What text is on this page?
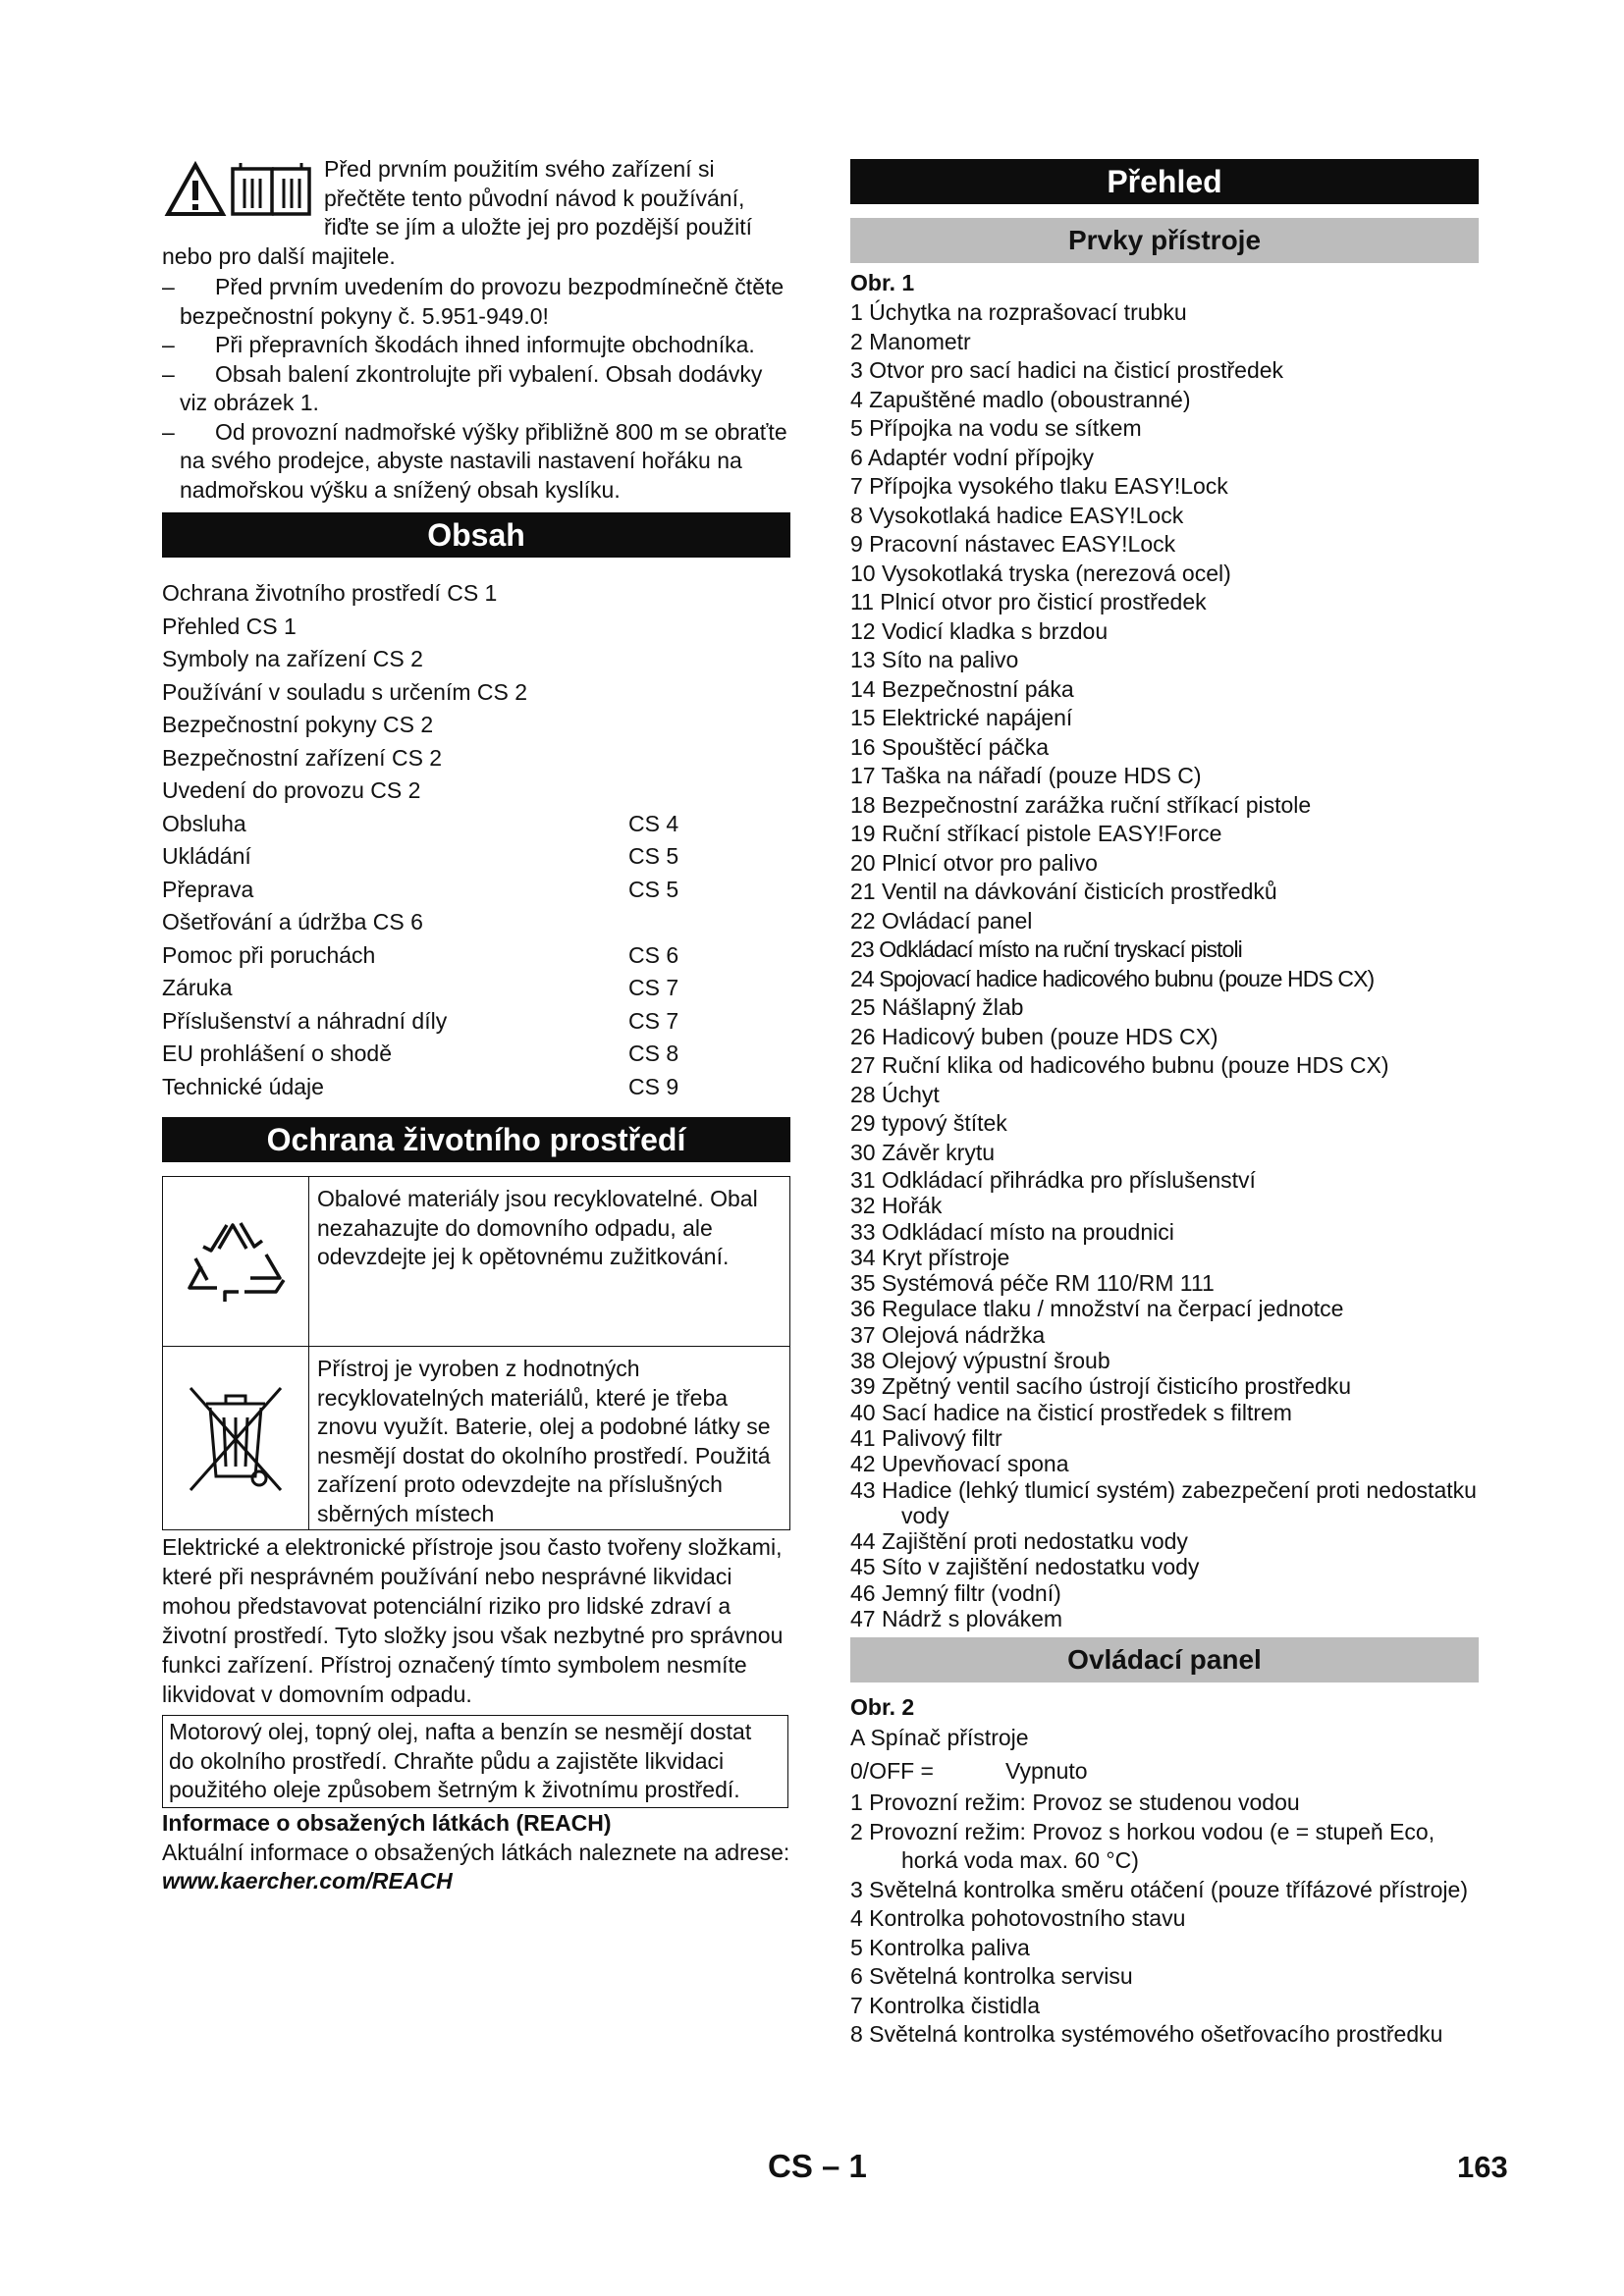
Před prvním použitím svého zařízení si přečtěte tento původní návod k používání, řiďte se jím a uložte jej pro pozdější použití nebo pro další majitele.

–	Před prvním uvedením do provozu bezpodmínečně čtěte bezpečnostní pokyny č. 5.951-949.0!
–	Při přepravních škodách ihned informujte obchodníka.
–	Obsah balení zkontrolujte při vybalení. Obsah dodávky viz obrázek 1.
–	Od provozní nadmořské výšky přibližně 800 m se obraťte na svého prodejce, abyste nastavili nastavení hořáku na nadmořskou výšku a snížený obsah kyslíku.
Obsah
Ochrana životního prostředí CS 1
Přehled CS 1
Symboly na zařízení CS 2
Používání v souladu s určením CS 2
Bezpečnostní pokyny CS 2
Bezpečnostní zařízení CS 2
Uvedení do provozu CS 2
Obsluha	CS 4
Ukládání	CS 5
Přeprava	CS 5
Ošetřování a údržba CS 6
Pomoc při poruchách	CS 6
Záruka	CS 7
Příslušenství a náhradní díly	CS 7
EU prohlášení o shodě	CS 8
Technické údaje	CS 9
Ochrana životního prostředí
Obalové materiály jsou recyklovatelné. Obal nezahazujte do domovního odpadu, ale odevzdejte jej k opětovnému zužitkování.
Přístroj je vyroben z hodnotných recyklovatelných materiálů, které je třeba znovu využít. Baterie, olej a podobné látky se nesmějí dostat do okolního prostředí. Použitá zařízení proto odevzdejte na příslušných sběrných místech

Elektrické a elektronické přístroje jsou často tvořeny složkami, které při nesprávném používání nebo nesprávné likvidaci mohou představovat potenciální riziko pro lidské zdraví a životní prostředí. Tyto složky jsou však nezbytné pro správnou funkci zařízení. Přístroj označený tímto symbolem nesmíte likvidovat v domovním odpadu.

Motorový olej, topný olej, nafta a benzín se nesmějí dostat do okolního prostředí. Chraňte půdu a zajistěte likvidaci použitého oleje způsobem šetrným k životnímu prostředí.

Informace o obsažených látkách (REACH)

Aktuální informace o obsažených látkách naleznete na adrese:

www.kaercher.com/REACH

Přehled
Prvky přístroje

Obr. 1

1 Úchytka na rozprašovací trubku
2 Manometr
3 Otvor pro sací hadici na čisticí prostředek
4 Zapuštěné madlo (oboustranné)
5 Přípojka na vodu se sítkem
6 Adaptér vodní přípojky
7 Přípojka vysokého tlaku EASY!Lock
8 Vysokotlaká hadice EASY!Lock
9 Pracovní nástavec EASY!Lock
10 Vysokotlaká tryska (nerezová ocel)
11 Plnicí otvor pro čisticí prostředek
12 Vodicí kladka s brzdou
13 Síto na palivo
14 Bezpečnostní páka
15 Elektrické napájení
16 Spouštěcí páčka
17 Taška na nářadí (pouze HDS C)
18 Bezpečnostní zarážka ruční stříkací pistole
19 Ruční stříkací pistole EASY!Force
20 Plnicí otvor pro palivo
21 Ventil na dávkování čisticích prostředků
22 Ovládací panel
23 Odkládací místo na ruční tryskací pistoli
24 Spojovací hadice hadicového bubnu (pouze HDS CX)
25 Nášlapný žlab
26 Hadicový buben (pouze HDS CX)
27 Ruční klika od hadicového bubnu (pouze HDS CX)
28 Úchyt
29 typový štítek
30 Závěr krytu
31 Odkládací přihrádka pro příslušenství
32 Hořák
33 Odkládací místo na proudnici
34 Kryt přístroje
35 Systémová péče RM 110/RM 111
36 Regulace tlaku / množství na čerpací jednotce
37 Olejová nádržka
38 Olejový výpustní šroub
39 Zpětný ventil sacího ústrojí čisticího prostředku
40 Sací hadice na čisticí prostředek s filtrem
41 Palivový filtr
42 Upevňovací spona
43 Hadice (lehký tlumicí systém) zabezpečení proti nedostatku vody
44 Zajištění proti nedostatku vody
45 Síto v zajištění nedostatku vody
46 Jemný filtr (vodní)
47 Nádrž s plovákem
Ovládací panel

Obr. 2

A Spínač přístroje

0/OFF =	Vypnuto

1 Provozní režim: Provoz se studenou vodou
2 Provozní režim: Provoz s horkou vodou (e = stupeň Eco, horká voda max. 60 °C)
3 Světelná kontrolka směru otáčení (pouze třífázové přístroje)
4 Kontrolka pohotovostního stavu
5 Kontrolka paliva
6 Světelná kontrolka servisu
7 Kontrolka čistidla
8 Světelná kontrolka systémového ošetřovacího prostředku
CS – 1	163
